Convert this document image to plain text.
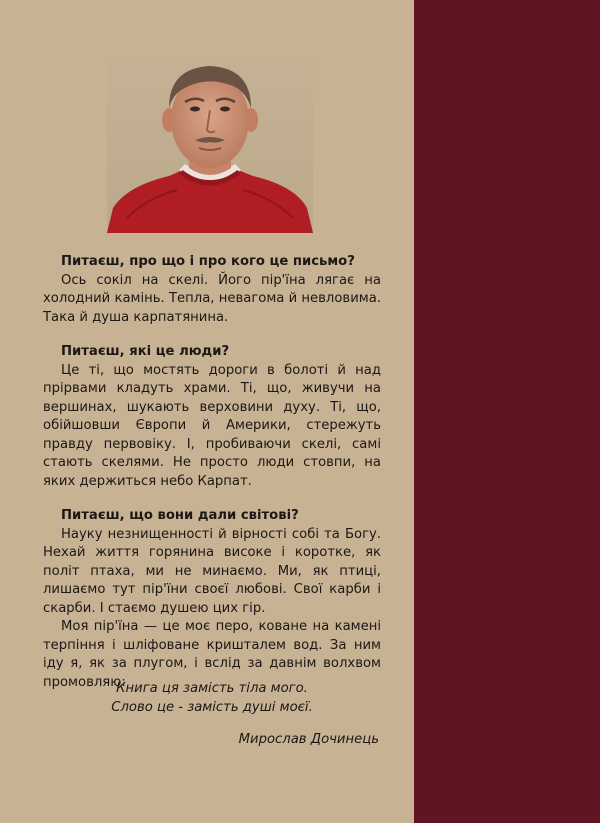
Питаєш, про що і про кого це письмо?

Ось сокіл на скелі. Його пір'їна лягає на холодний камінь. Тепла, невагома й невловима. Така й душа карпатянина.

Питаєш, які це люди?

Це ті, що мостять дороги в болоті й над прірвами кладуть храми. Ті, що, живучи на вершинах, шукають верховини духу. Ті, що, обійшовши Європи й Америки, стережуть правду первовіку. І, пробиваючи скелі, самі стають скелями. Не просто люди стовпи, на яких держиться небо Карпат.

Питаєш, що вони дали світові?

Науку незнищенності й вірності собі та Богу. Нехай життя горянина високе і коротке, як політ птаха, ми не минаємо. Ми, як птиці, лишаємо тут пір'їни своєї любові. Свої карби і скарби. І стаємо душею цих гір.

Моя пір'їна — це моє перо, коване на камені терпіння і шліфоване кришталем вод. За ним іду я, як за плугом, і вслід за давнім волхвом промовляю:

Книга ця замість тіла мого.

Слово це - замість душі моєї.

Мирослав Дочинець
